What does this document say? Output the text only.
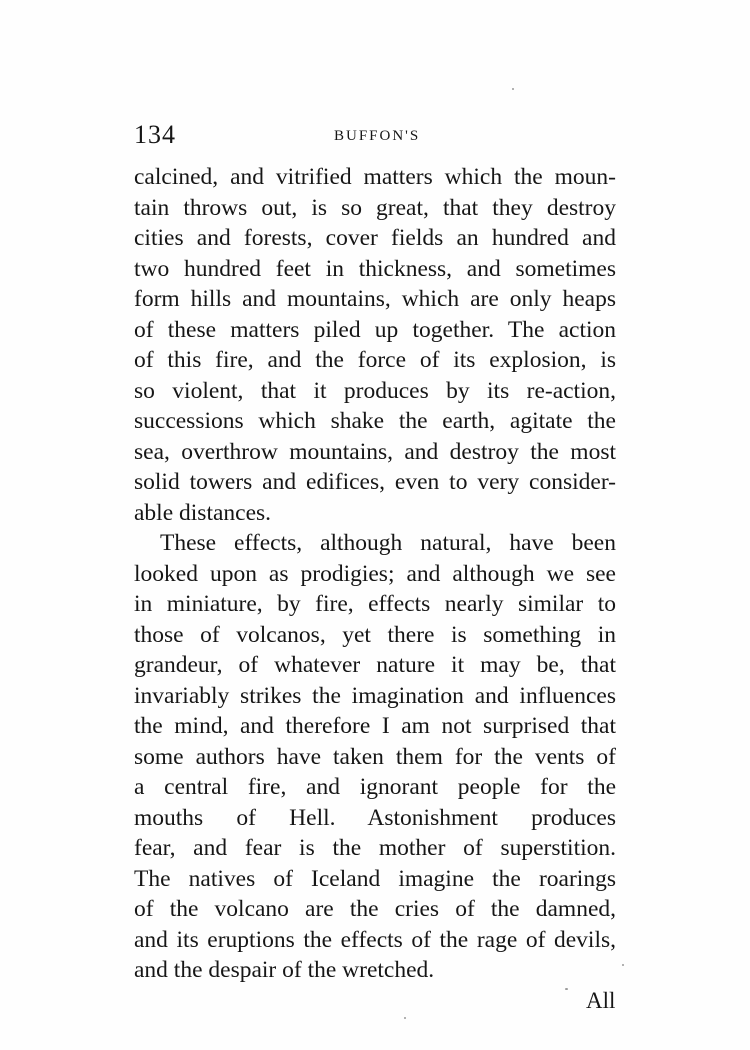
134	BUFFON'S
calcined, and vitrified matters which the moun-
tain throws out, is so great, that they destroy
cities and forests, cover fields an hundred and
two hundred feet in thickness, and sometimes
form hills and mountains, which are only heaps
of these matters piled up together. The action
of this fire, and the force of its explosion, is
so violent, that it produces by its re-action,
successions which shake the earth, agitate the
sea, overthrow mountains, and destroy the most
solid towers and edifices, even to very consider-
able distances.
These effects, although natural, have been
looked upon as prodigies; and although we see
in miniature, by fire, effects nearly similar to
those of volcanos, yet there is something in
grandeur, of whatever nature it may be, that
invariably strikes the imagination and influences
the mind, and therefore I am not surprised that
some authors have taken them for the vents of
a central fire, and ignorant people for the
mouths of Hell. Astonishment produces
fear, and fear is the mother of superstition.
The natives of Iceland imagine the roarings
of the volcano are the cries of the damned,
and its eruptions the effects of the rage of devils,
and the despair of the wretched.
All
